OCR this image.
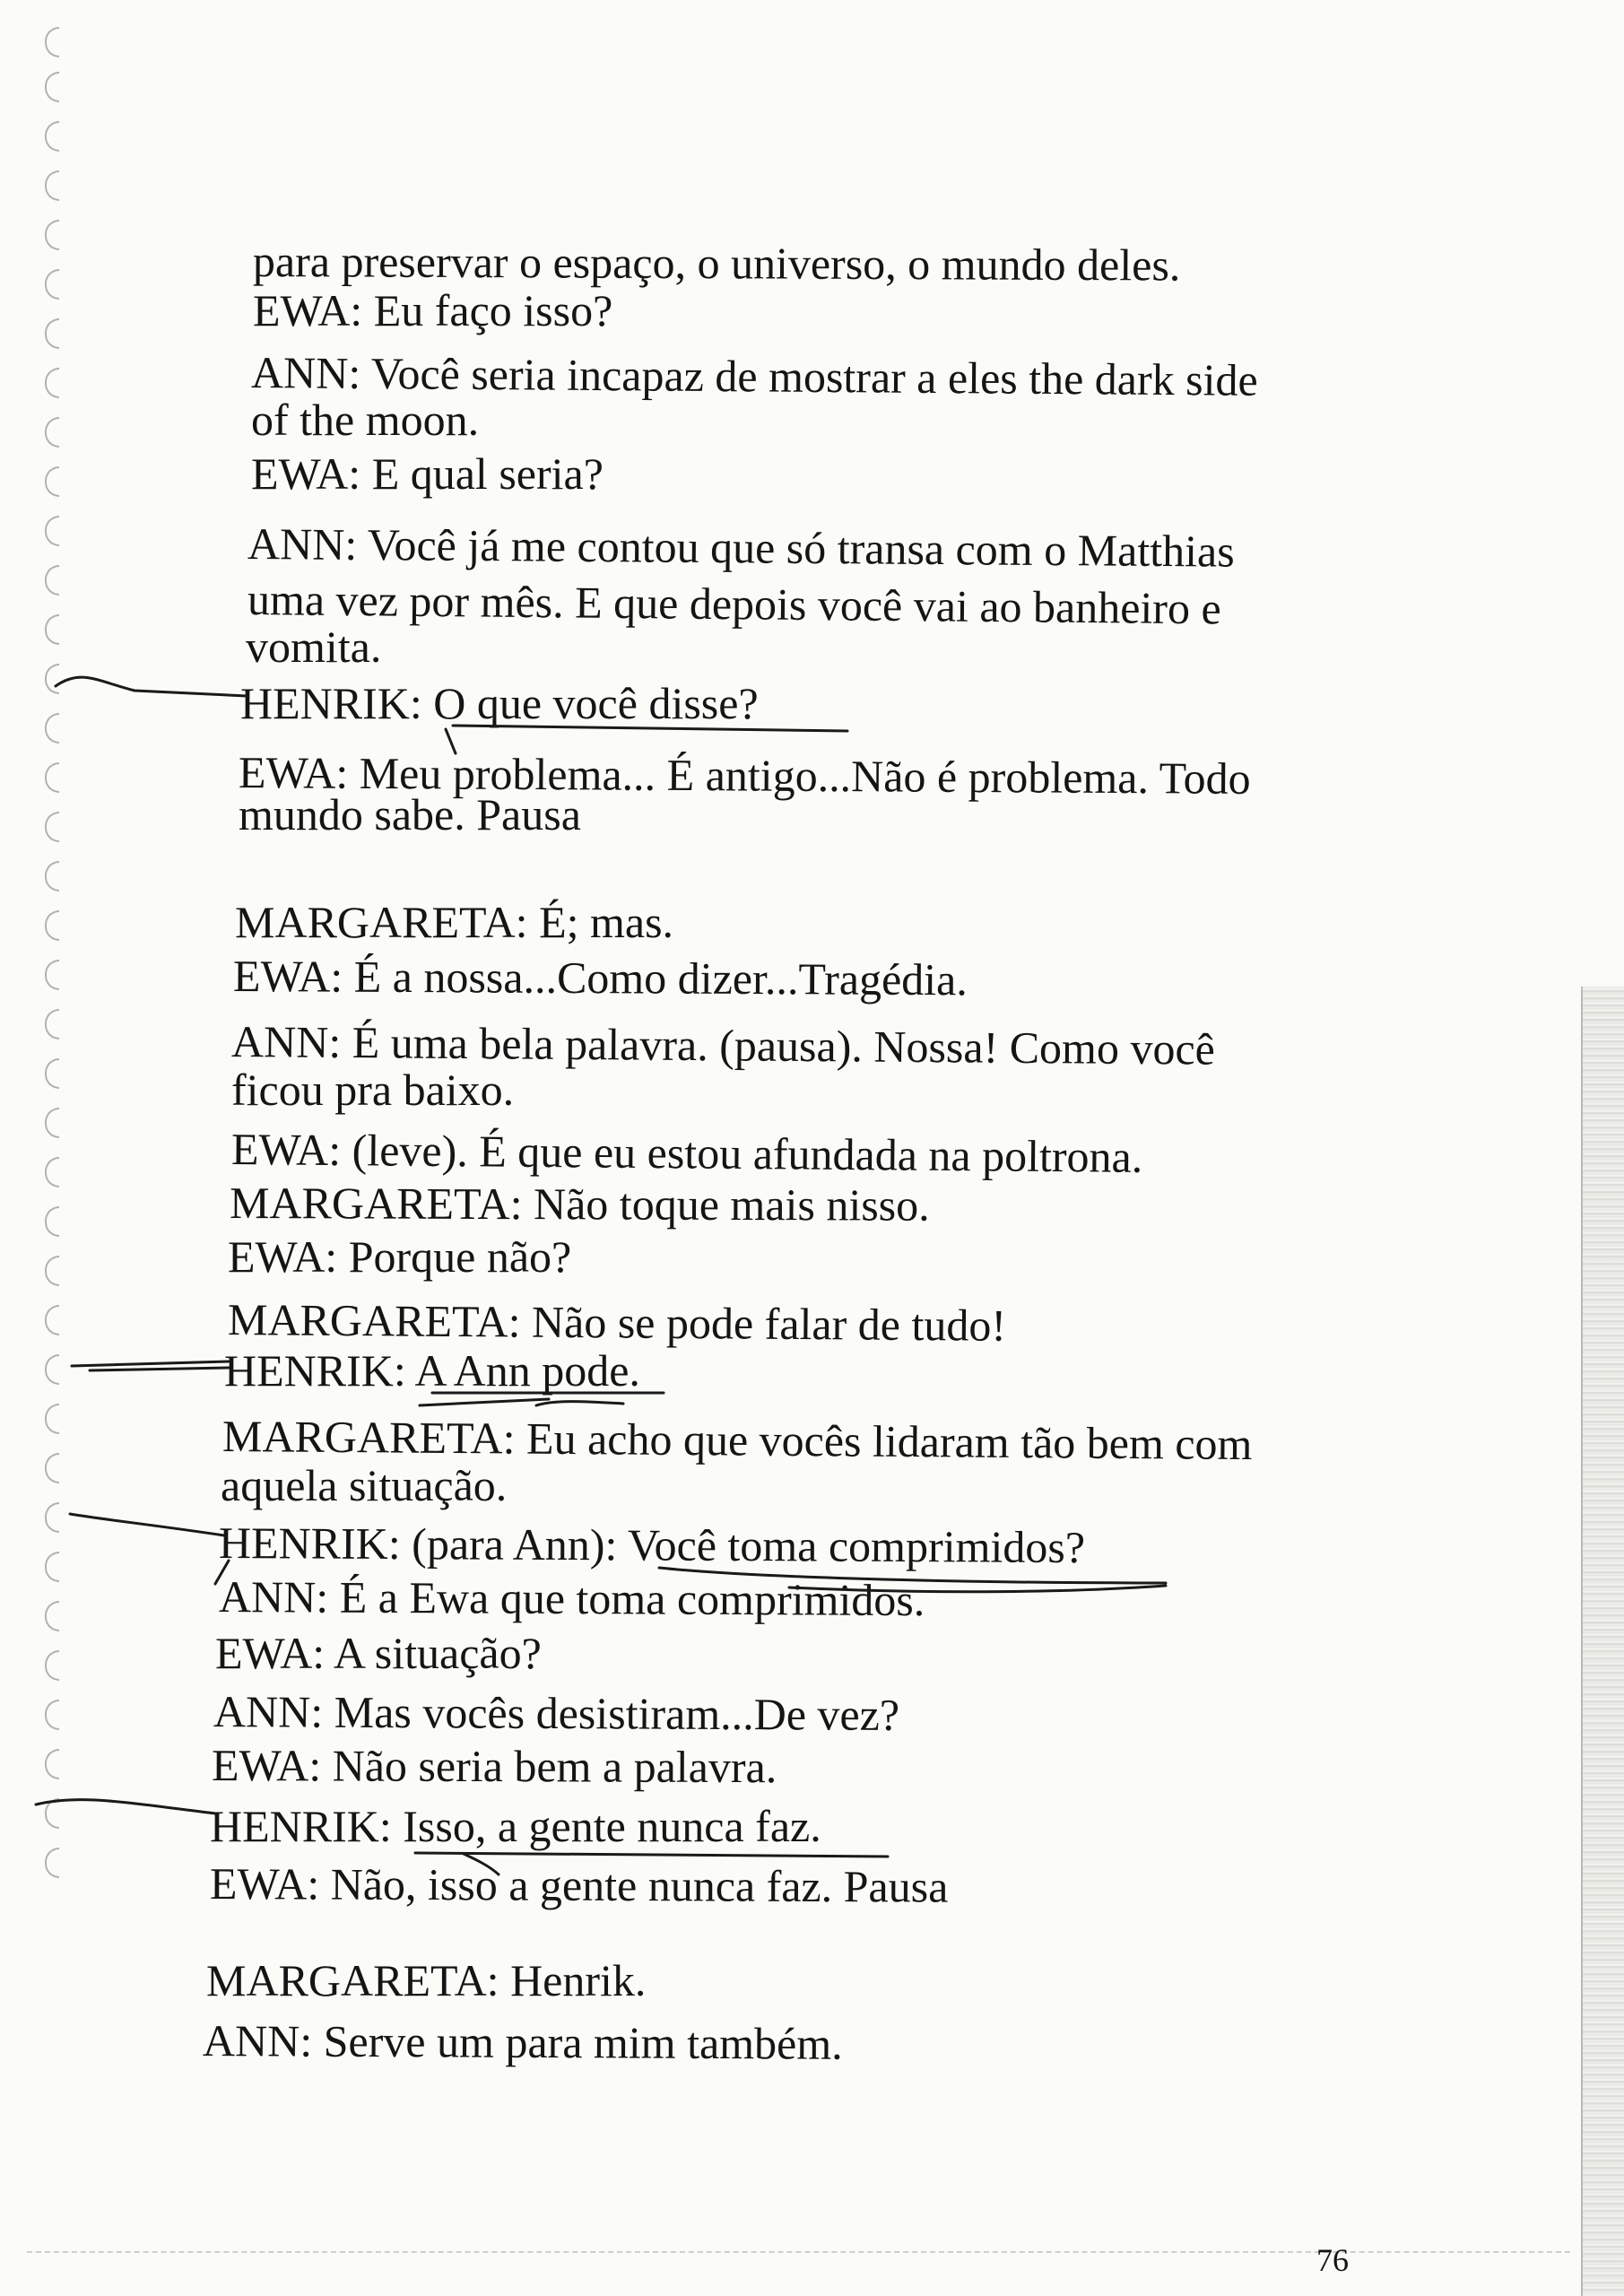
para preservar o espaço, o universo, o mundo deles.
EWA: Eu faço isso?
ANN: Você seria incapaz de mostrar a eles the dark side
of the moon.
EWA: E qual seria?
ANN: Você já me contou que só transa com o Matthias
uma vez por mês. E que depois você vai ao banheiro e
vomita.
HENRIK: O que você disse?
EWA: Meu problema... É antigo...Não é problema. Todo
mundo sabe. Pausa
MARGARETA: É; mas.
EWA: É a nossa...Como dizer...Tragédia.
ANN: É uma bela palavra. (pausa). Nossa! Como você
ficou pra baixo.
EWA: (leve). É que eu estou afundada na poltrona.
MARGARETA: Não toque mais nisso.
EWA: Porque não?
MARGARETA: Não se pode falar de tudo!
HENRIK: A Ann pode.
MARGARETA: Eu acho que vocês lidaram tão bem com
aquela situação.
HENRIK: (para Ann): Você toma comprimidos?
ANN: É a Ewa que toma comprimidos.
EWA: A situação?
ANN: Mas vocês desistiram...De vez?
EWA: Não seria bem a palavra.
HENRIK: Isso, a gente nunca faz.
EWA: Não, isso a gente nunca faz. Pausa
MARGARETA: Henrik.
ANN: Serve um para mim também.
76
